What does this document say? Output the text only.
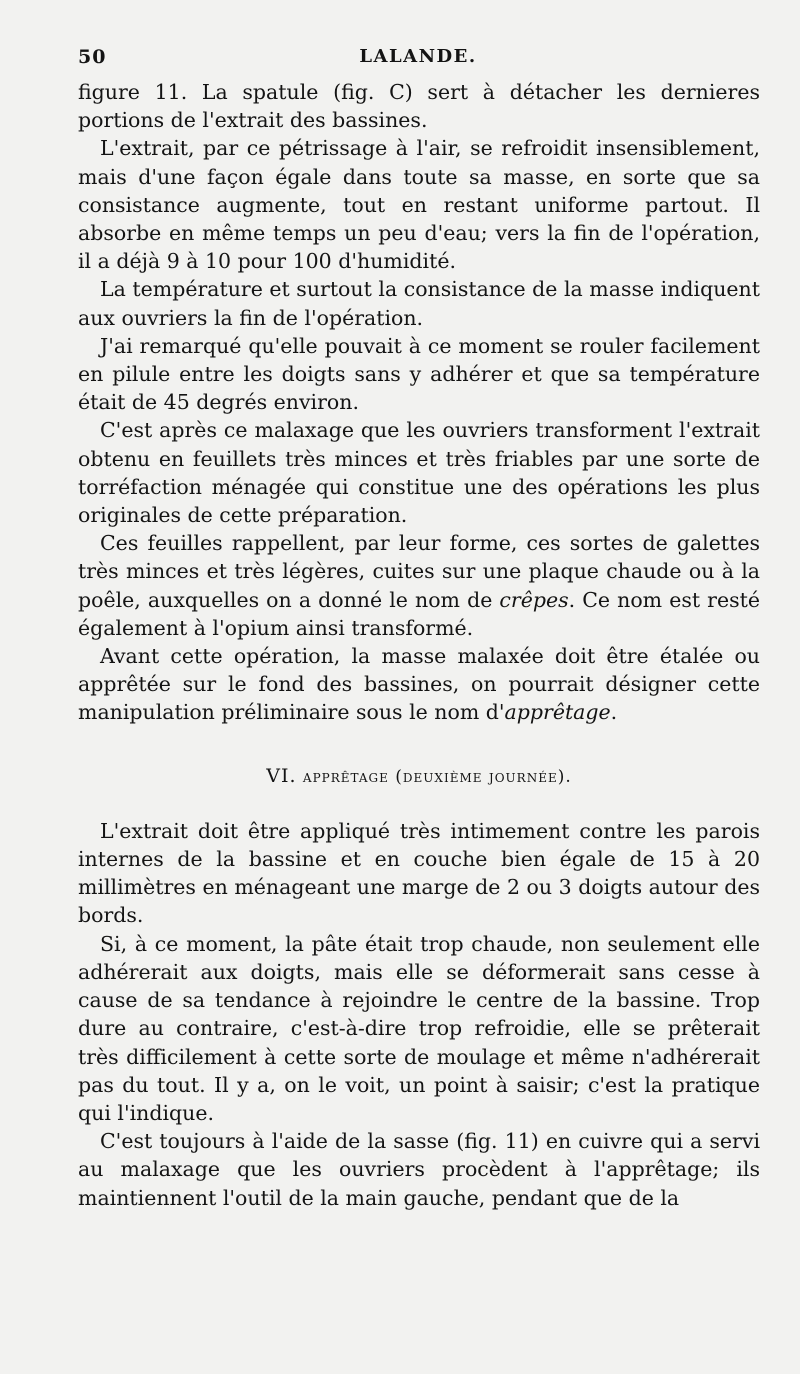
50	LALANDE.

figure 11. La spatule (fig. C) sert à détacher les dernieres portions de l'extrait des bassines.

L'extrait, par ce pétrissage à l'air, se refroidit insensiblement, mais d'une façon égale dans toute sa masse, en sorte que sa consistance augmente, tout en restant uniforme partout. Il absorbe en même temps un peu d'eau; vers la fin de l'opération, il a déjà 9 à 10 pour 100 d'humidité.

La température et surtout la consistance de la masse indiquent aux ouvriers la fin de l'opération.

J'ai remarqué qu'elle pouvait à ce moment se rouler facilement en pilule entre les doigts sans y adhérer et que sa température était de 45 degrés environ.

C'est après ce malaxage que les ouvriers transforment l'extrait obtenu en feuillets très minces et très friables par une sorte de torréfaction ménagée qui constitue une des opérations les plus originales de cette préparation.

Ces feuilles rappellent, par leur forme, ces sortes de galettes très minces et très légères, cuites sur une plaque chaude ou à la poêle, auxquelles on a donné le nom de crêpes. Ce nom est resté également à l'opium ainsi transformé.

Avant cette opération, la masse malaxée doit être étalée ou apprêtée sur le fond des bassines, on pourrait désigner cette manipulation préliminaire sous le nom d'apprêtage.

VI. apprêtage (deuxième journée).

L'extrait doit être appliqué très intimement contre les parois internes de la bassine et en couche bien égale de 15 à 20 millimètres en ménageant une marge de 2 ou 3 doigts autour des bords.

Si, à ce moment, la pâte était trop chaude, non seulement elle adhérerait aux doigts, mais elle se déformerait sans cesse à cause de sa tendance à rejoindre le centre de la bassine. Trop dure au contraire, c'est-à-dire trop refroidie, elle se prêterait très difficilement à cette sorte de moulage et même n'adhérerait pas du tout. Il y a, on le voit, un point à saisir; c'est la pratique qui l'indique.

C'est toujours à l'aide de la sasse (fig. 11) en cuivre qui a servi au malaxage que les ouvriers procèdent à l'apprêtage; ils maintiennent l'outil de la main gauche, pendant que de la
